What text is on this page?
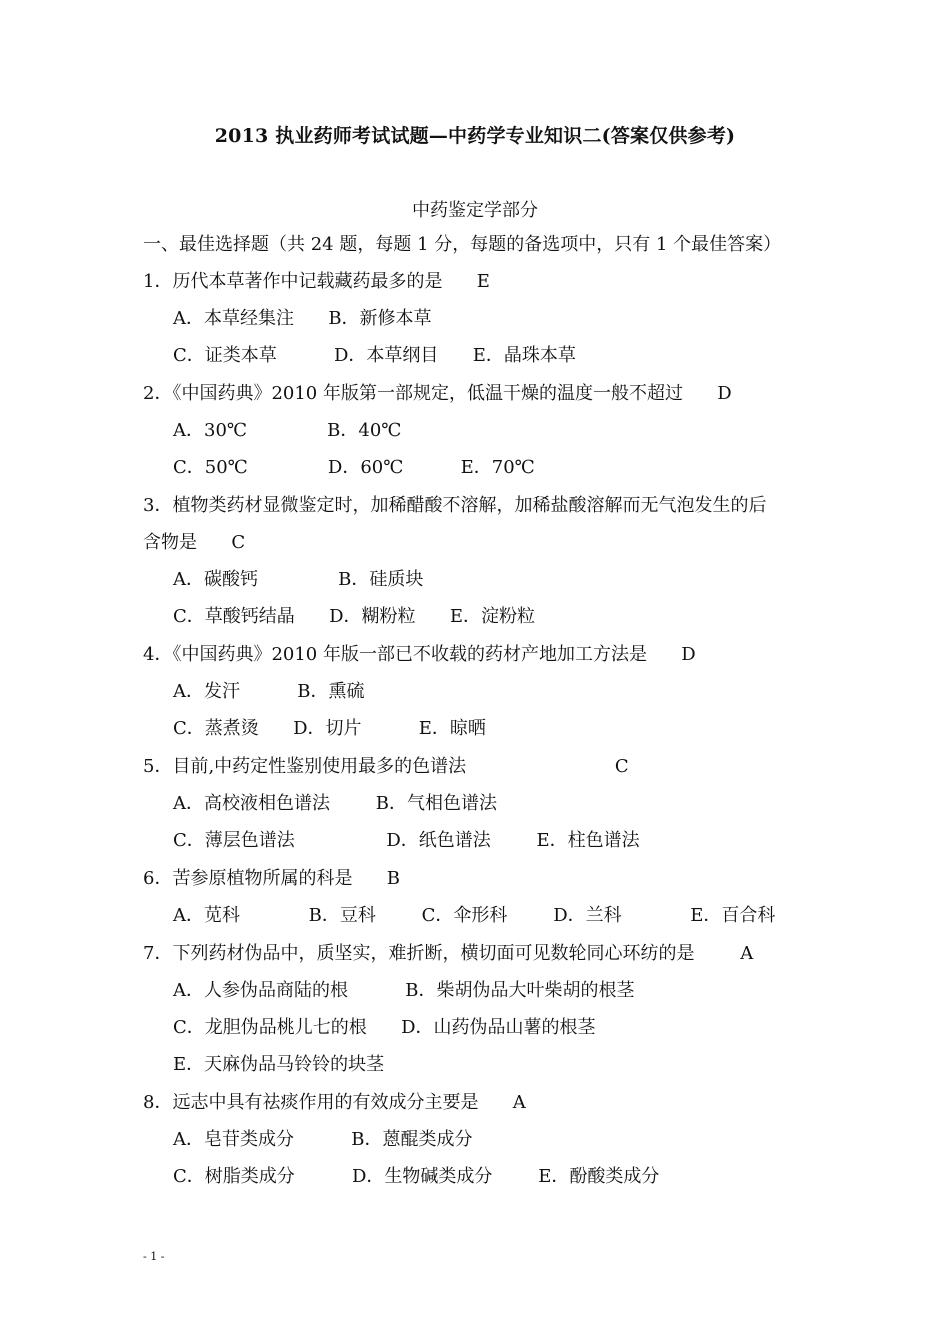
2013 执业药师考试试题—中药学专业知识二(答案仅供参考)
中药鉴定学部分
一、最佳选择题（共 24 题，每题 1 分，每题的备选项中，只有 1 个最佳答案）
1．历代本草著作中记载藏药最多的是      E
A．本草经集注      B．新修本草
C．证类本草          D．本草纲目      E．晶珠本草
2．《中国药典》2010 年版第一部规定，低温干燥的温度一般不超过      D
A．30℃              B．40℃
C．50℃              D．60℃          E．70℃
3．植物类药材显微鉴定时，加稀醋酸不溶解，加稀盐酸溶解而无气泡发生的后
含物是      C
A．碳酸钙              B．硅质块
C．草酸钙结晶      D．糊粉粒      E．淀粉粒
4．《中国药典》2010 年版一部已不收载的药材产地加工方法是      D
A．发汗          B．熏硫
C．蒸煮烫      D．切片          E．晾晒
5．目前,中药定性鉴别使用最多的色谱法                          C
A．高校液相色谱法        B．气相色谱法
C．薄层色谱法                D．纸色谱法        E．柱色谱法
6．苦参原植物所属的科是      B
A．苋科            B．豆科        C．伞形科        D．兰科            E．百合科
7．下列药材伪品中，质坚实，难折断，横切面可见数轮同心环纺的是        A
A．人参伪品商陆的根          B．柴胡伪品大叶柴胡的根茎
C．龙胆伪品桃儿七的根      D．山药伪品山薯的根茎
E．天麻伪品马铃铃的块茎
8．远志中具有祛痰作用的有效成分主要是      A
A．皂苷类成分          B．蒽醌类成分
C．树脂类成分          D．生物碱类成分        E．酚酸类成分
- 1 -
